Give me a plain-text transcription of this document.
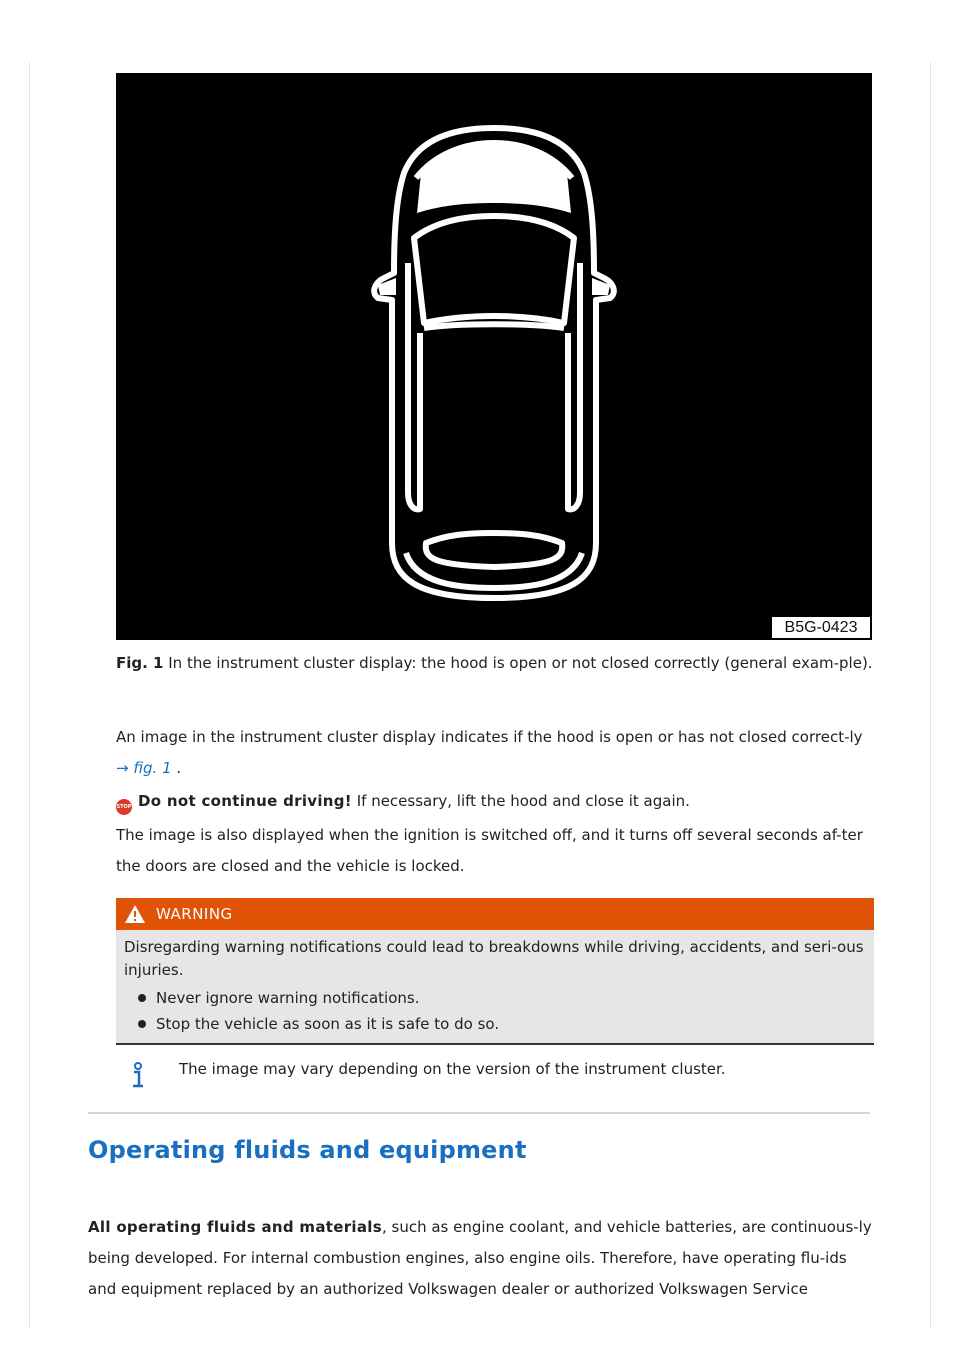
B5G-0423
Fig. 1 In the instrument cluster display: the hood is open or not closed correctly (general exam-ple).
An image in the instrument cluster display indicates if the hood is open or has not closed correct-ly → fig. 1 .
STOP Do not continue driving! If necessary, lift the hood and close it again.
The image is also displayed when the ignition is switched off, and it turns off several seconds af-ter the doors are closed and the vehicle is locked.
WARNING
Disregarding warning notifications could lead to breakdowns while driving, accidents, and seri-ous injuries.
Never ignore warning notifications.
Stop the vehicle as soon as it is safe to do so.
The image may vary depending on the version of the instrument cluster.
Operating fluids and equipment
All operating fluids and materials, such as engine coolant, and vehicle batteries, are continuous-ly being developed. For internal combustion engines, also engine oils. Therefore, have operating flu-ids and equipment replaced by an authorized Volkswagen dealer or authorized Volkswagen Service
